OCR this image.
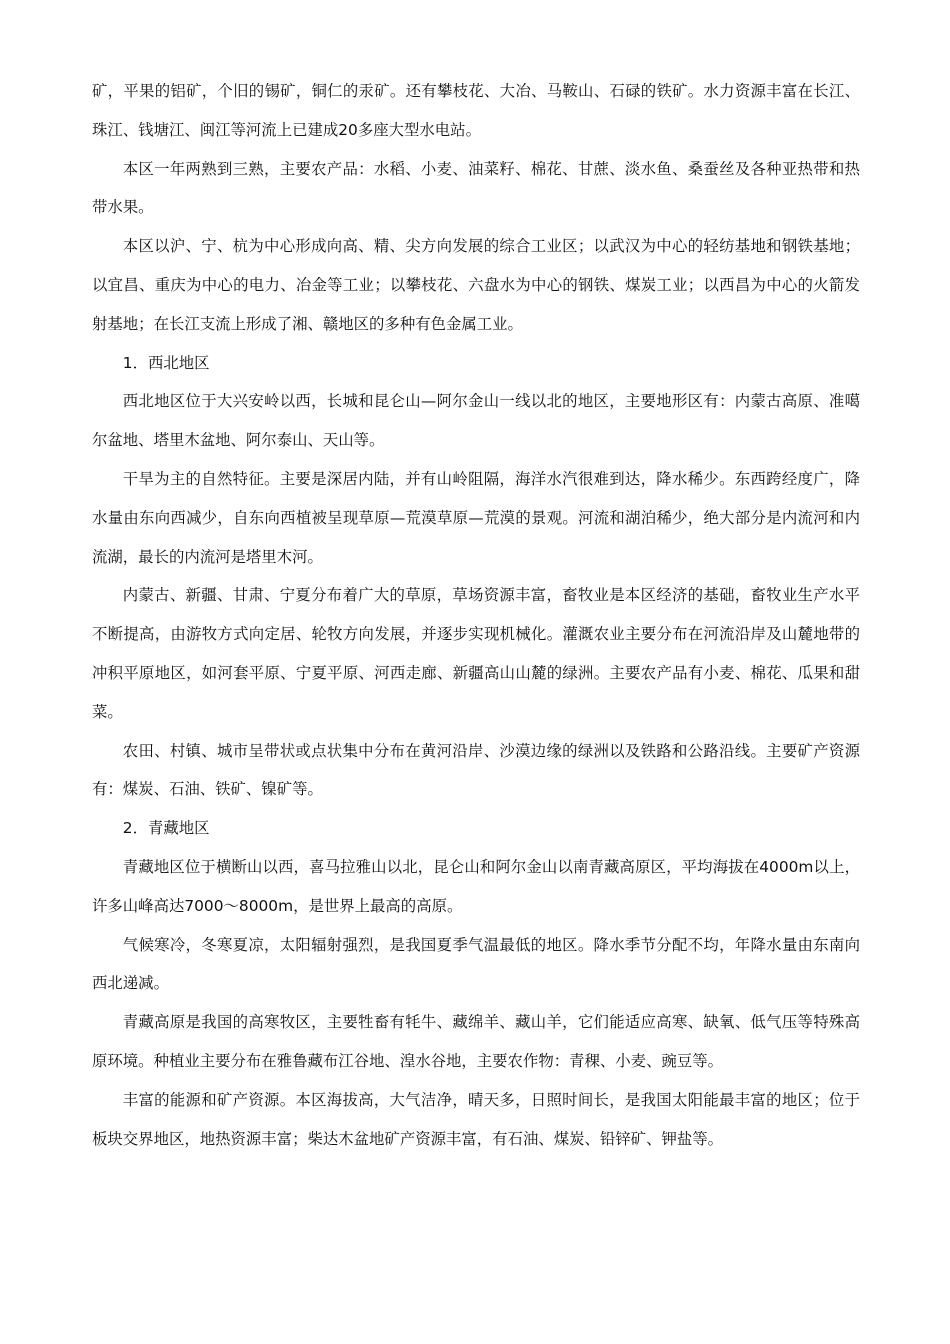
矿，平果的铝矿，个旧的锡矿，铜仁的汞矿。还有攀枝花、大冶、马鞍山、石碌的铁矿。水力资源丰富在长江、珠江、钱塘江、闽江等河流上已建成20多座大型水电站。

本区一年两熟到三熟，主要农产品：水稻、小麦、油菜籽、棉花、甘蔗、淡水鱼、桑蚕丝及各种亚热带和热带水果。

本区以沪、宁、杭为中心形成向高、精、尖方向发展的综合工业区；以武汉为中心的轻纺基地和钢铁基地；以宜昌、重庆为中心的电力、冶金等工业；以攀枝花、六盘水为中心的钢铁、煤炭工业；以西昌为中心的火箭发射基地；在长江支流上形成了湘、赣地区的多种有色金属工业。

1．西北地区

西北地区位于大兴安岭以西，长城和昆仑山—阿尔金山一线以北的地区，主要地形区有：内蒙古高原、准噶尔盆地、塔里木盆地、阿尔泰山、天山等。

干旱为主的自然特征。主要是深居内陆，并有山岭阻隔，海洋水汽很难到达，降水稀少。东西跨经度广，降水量由东向西减少，自东向西植被呈现草原—荒漠草原—荒漠的景观。河流和湖泊稀少，绝大部分是内流河和内流湖，最长的内流河是塔里木河。

内蒙古、新疆、甘肃、宁夏分布着广大的草原，草场资源丰富，畜牧业是本区经济的基础，畜牧业生产水平不断提高，由游牧方式向定居、轮牧方向发展，并逐步实现机械化。灌溉农业主要分布在河流沿岸及山麓地带的冲积平原地区，如河套平原、宁夏平原、河西走廊、新疆高山山麓的绿洲。主要农产品有小麦、棉花、瓜果和甜菜。

农田、村镇、城市呈带状或点状集中分布在黄河沿岸、沙漠边缘的绿洲以及铁路和公路沿线。主要矿产资源有：煤炭、石油、铁矿、镍矿等。

2．青藏地区

青藏地区位于横断山以西，喜马拉雅山以北，昆仑山和阿尔金山以南青藏高原区，平均海拔在4000m以上，许多山峰高达7000～8000m，是世界上最高的高原。

气候寒冷，冬寒夏凉，太阳辐射强烈，是我国夏季气温最低的地区。降水季节分配不均，年降水量由东南向西北递减。

青藏高原是我国的高寒牧区，主要牲畜有牦牛、藏绵羊、藏山羊，它们能适应高寒、缺氧、低气压等特殊高原环境。种植业主要分布在雅鲁藏布江谷地、湟水谷地，主要农作物：青稞、小麦、豌豆等。

丰富的能源和矿产资源。本区海拔高，大气洁净，晴天多，日照时间长，是我国太阳能最丰富的地区；位于板块交界地区，地热资源丰富；柴达木盆地矿产资源丰富，有石油、煤炭、铅锌矿、钾盐等。
